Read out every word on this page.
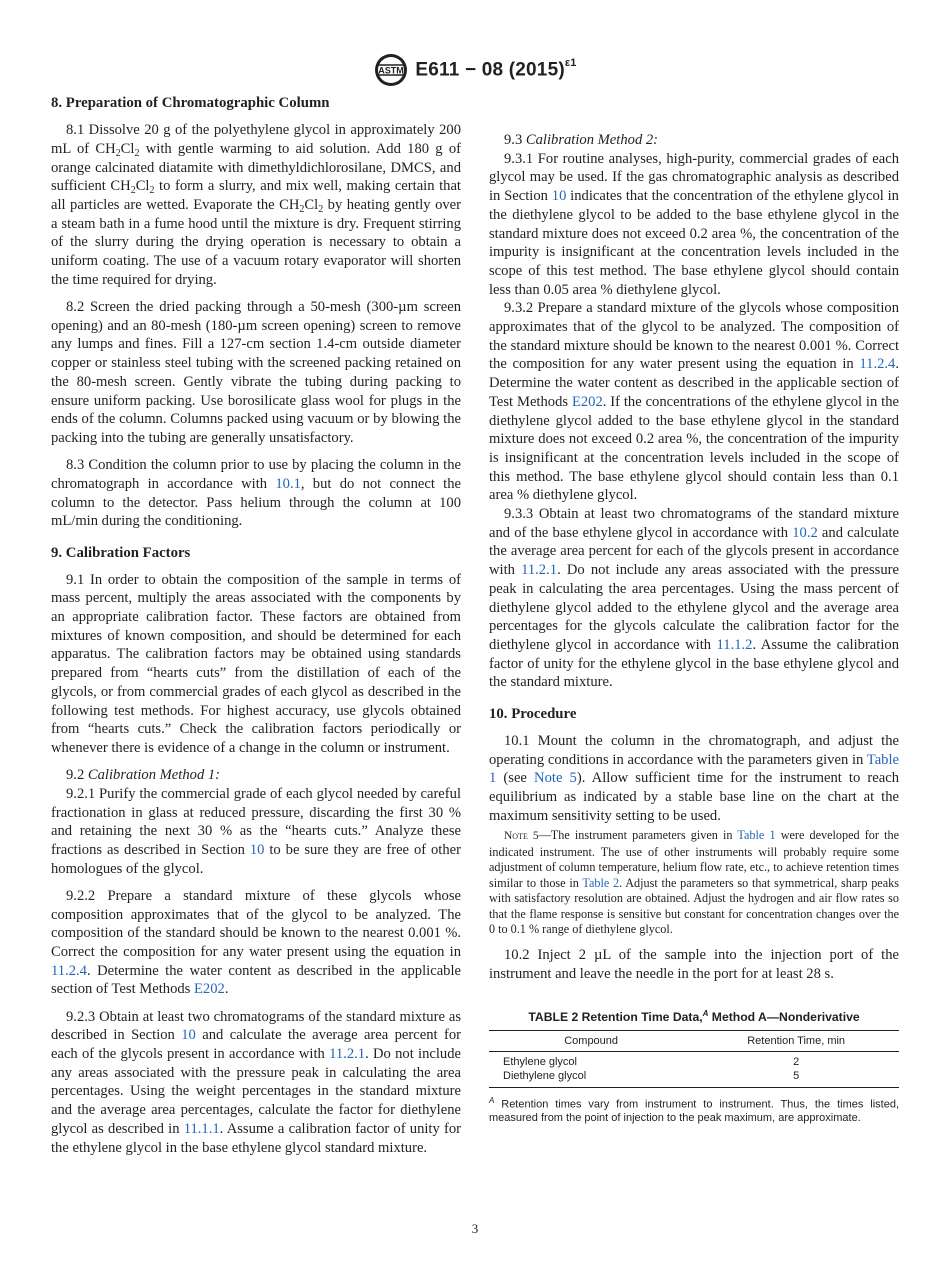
ASTM E611 − 08 $(2015)^{\varepsilon 1}$

8. Preparation of Chromatographic Column

8.1 Dissolve 20 g of the polyethylene glycol in approximately 200 mL of $CH_2Cl_2$ with gentle warming to aid solution. Add 180 g of orange calcinated diatamite with dimethyldichlorosilane, DMCS, and sufficient $CH_2Cl_2$ to form a slurry, and mix well, making certain that all particles are wetted. Evaporate the $CH_2Cl_2$ by heating gently over a steam bath in a fume hood until the mixture is dry. Frequent stirring of the slurry during the drying operation is necessary to obtain a uniform coating. The use of a vacuum rotary evaporator will shorten the time required for drying.

8.2 Screen the dried packing through a 50-mesh (300-µm screen opening) and an 80-mesh (180-µm screen opening) screen to remove any lumps and fines. Fill a 127-cm section 1.4-cm outside diameter copper or stainless steel tubing with the screened packing retained on the 80-mesh screen. Gently vibrate the tubing during packing to ensure uniform packing. Use borosilicate glass wool for plugs in the ends of the column. Columns packed using vacuum or by blowing the packing into the tubing are generally unsatisfactory.

8.3 Condition the column prior to use by placing the column in the chromatograph in accordance with 10.1, but do not connect the column to the detector. Pass helium through the column at 100 mL/min during the conditioning.

9. Calibration Factors

9.1 In order to obtain the composition of the sample in terms of mass percent, multiply the areas associated with the components by an appropriate calibration factor. These factors are obtained from mixtures of known composition, and should be determined for each apparatus. The calibration factors may be obtained using standards prepared from “hearts cuts” from the distillation of each of the glycols, or from commercial grades of each glycol as described in the following test methods. For highest accuracy, use glycols obtained from “hearts cuts.” Check the calibration factors periodically or whenever there is evidence of a change in the column or instrument.

9.2 Calibration Method 1:

9.2.1 Purify the commercial grade of each glycol needed by careful fractionation in glass at reduced pressure, discarding the first 30 % and retaining the next 30 % as the “hearts cuts.” Analyze these fractions as described in Section 10 to be sure they are free of other homologues of the glycol.

9.2.2 Prepare a standard mixture of these glycols whose composition approximates that of the glycol to be analyzed. The composition of the standard should be known to the nearest 0.001 %. Correct the composition for any water present using the equation in 11.2.4. Determine the water content as described in the applicable section of Test Methods E202.

9.2.3 Obtain at least two chromatograms of the standard mixture as described in Section 10 and calculate the average area percent for each of the glycols present in accordance with 11.2.1. Do not include any areas associated with the pressure peak in calculating the area percentages. Using the weight percentages in the standard mixture and the average area percentages, calculate the factor for diethylene glycol as described in 11.1.1. Assume a calibration factor of unity for the ethylene glycol in the base ethylene glycol standard mixture.

9.3 Calibration Method 2:

9.3.1 For routine analyses, high-purity, commercial grades of each glycol may be used. If the gas chromatographic analysis as described in Section 10 indicates that the concentration of the ethylene glycol in the diethylene glycol to be added to the base ethylene glycol in the standard mixture does not exceed 0.2 area %, the concentration of the impurity is insignificant at the concentration levels included in the scope of this test method. The base ethylene glycol should contain less than 0.05 area % diethylene glycol.

9.3.2 Prepare a standard mixture of the glycols whose composition approximates that of the glycol to be analyzed. The composition of the standard mixture should be known to the nearest 0.001 %. Correct the composition for any water present using the equation in 11.2.4. Determine the water content as described in the applicable section of Test Methods E202. If the concentrations of the ethylene glycol in the diethylene glycol added to the base ethylene glycol in the standard mixture does not exceed 0.2 area %, the concentration of the impurity is insignificant at the concentration levels included in the scope of this method. The base ethylene glycol should contain less than 0.1 area % diethylene glycol.

9.3.3 Obtain at least two chromatograms of the standard mixture and of the base ethylene glycol in accordance with 10.2 and calculate the average area percent for each of the glycols present in accordance with 11.2.1. Do not include any areas associated with the pressure peak in calculating the area percentages. Using the mass percent of diethylene glycol added to the ethylene glycol and the average area percentages for the glycols calculate the calibration factor for the diethylene glycol in accordance with 11.1.2. Assume the calibration factor of unity for the ethylene glycol in the base ethylene glycol and the standard mixture.

10. Procedure

10.1 Mount the column in the chromatograph, and adjust the operating conditions in accordance with the parameters given in Table 1 (see Note 5). Allow sufficient time for the instrument to reach equilibrium as indicated by a stable base line on the chart at the maximum sensitivity setting to be used.

Note 5—The instrument parameters given in Table 1 were developed for the indicated instrument. The use of other instruments will probably require some adjustment of column temperature, helium flow rate, etc., to achieve retention times similar to those in Table 2. Adjust the parameters so that symmetrical, sharp peaks with satisfactory resolution are obtained. Adjust the hydrogen and air flow rates so that the flame response is sensitive but constant for concentration changes over the 0 to 0.1 % range of diethylene glycol.

10.2 Inject 2 µL of the sample into the injection port of the instrument and leave the needle in the port for at least 28 s.

TABLE 2 Retention Time Data,$^A$ Method A—Nonderivative
Compound	Retention Time, min
Ethylene glycol	2
Diethylene glycol	5

$^A$ Retention times vary from instrument to instrument. Thus, the times listed, measured from the point of injection to the peak maximum, are approximate.

3
